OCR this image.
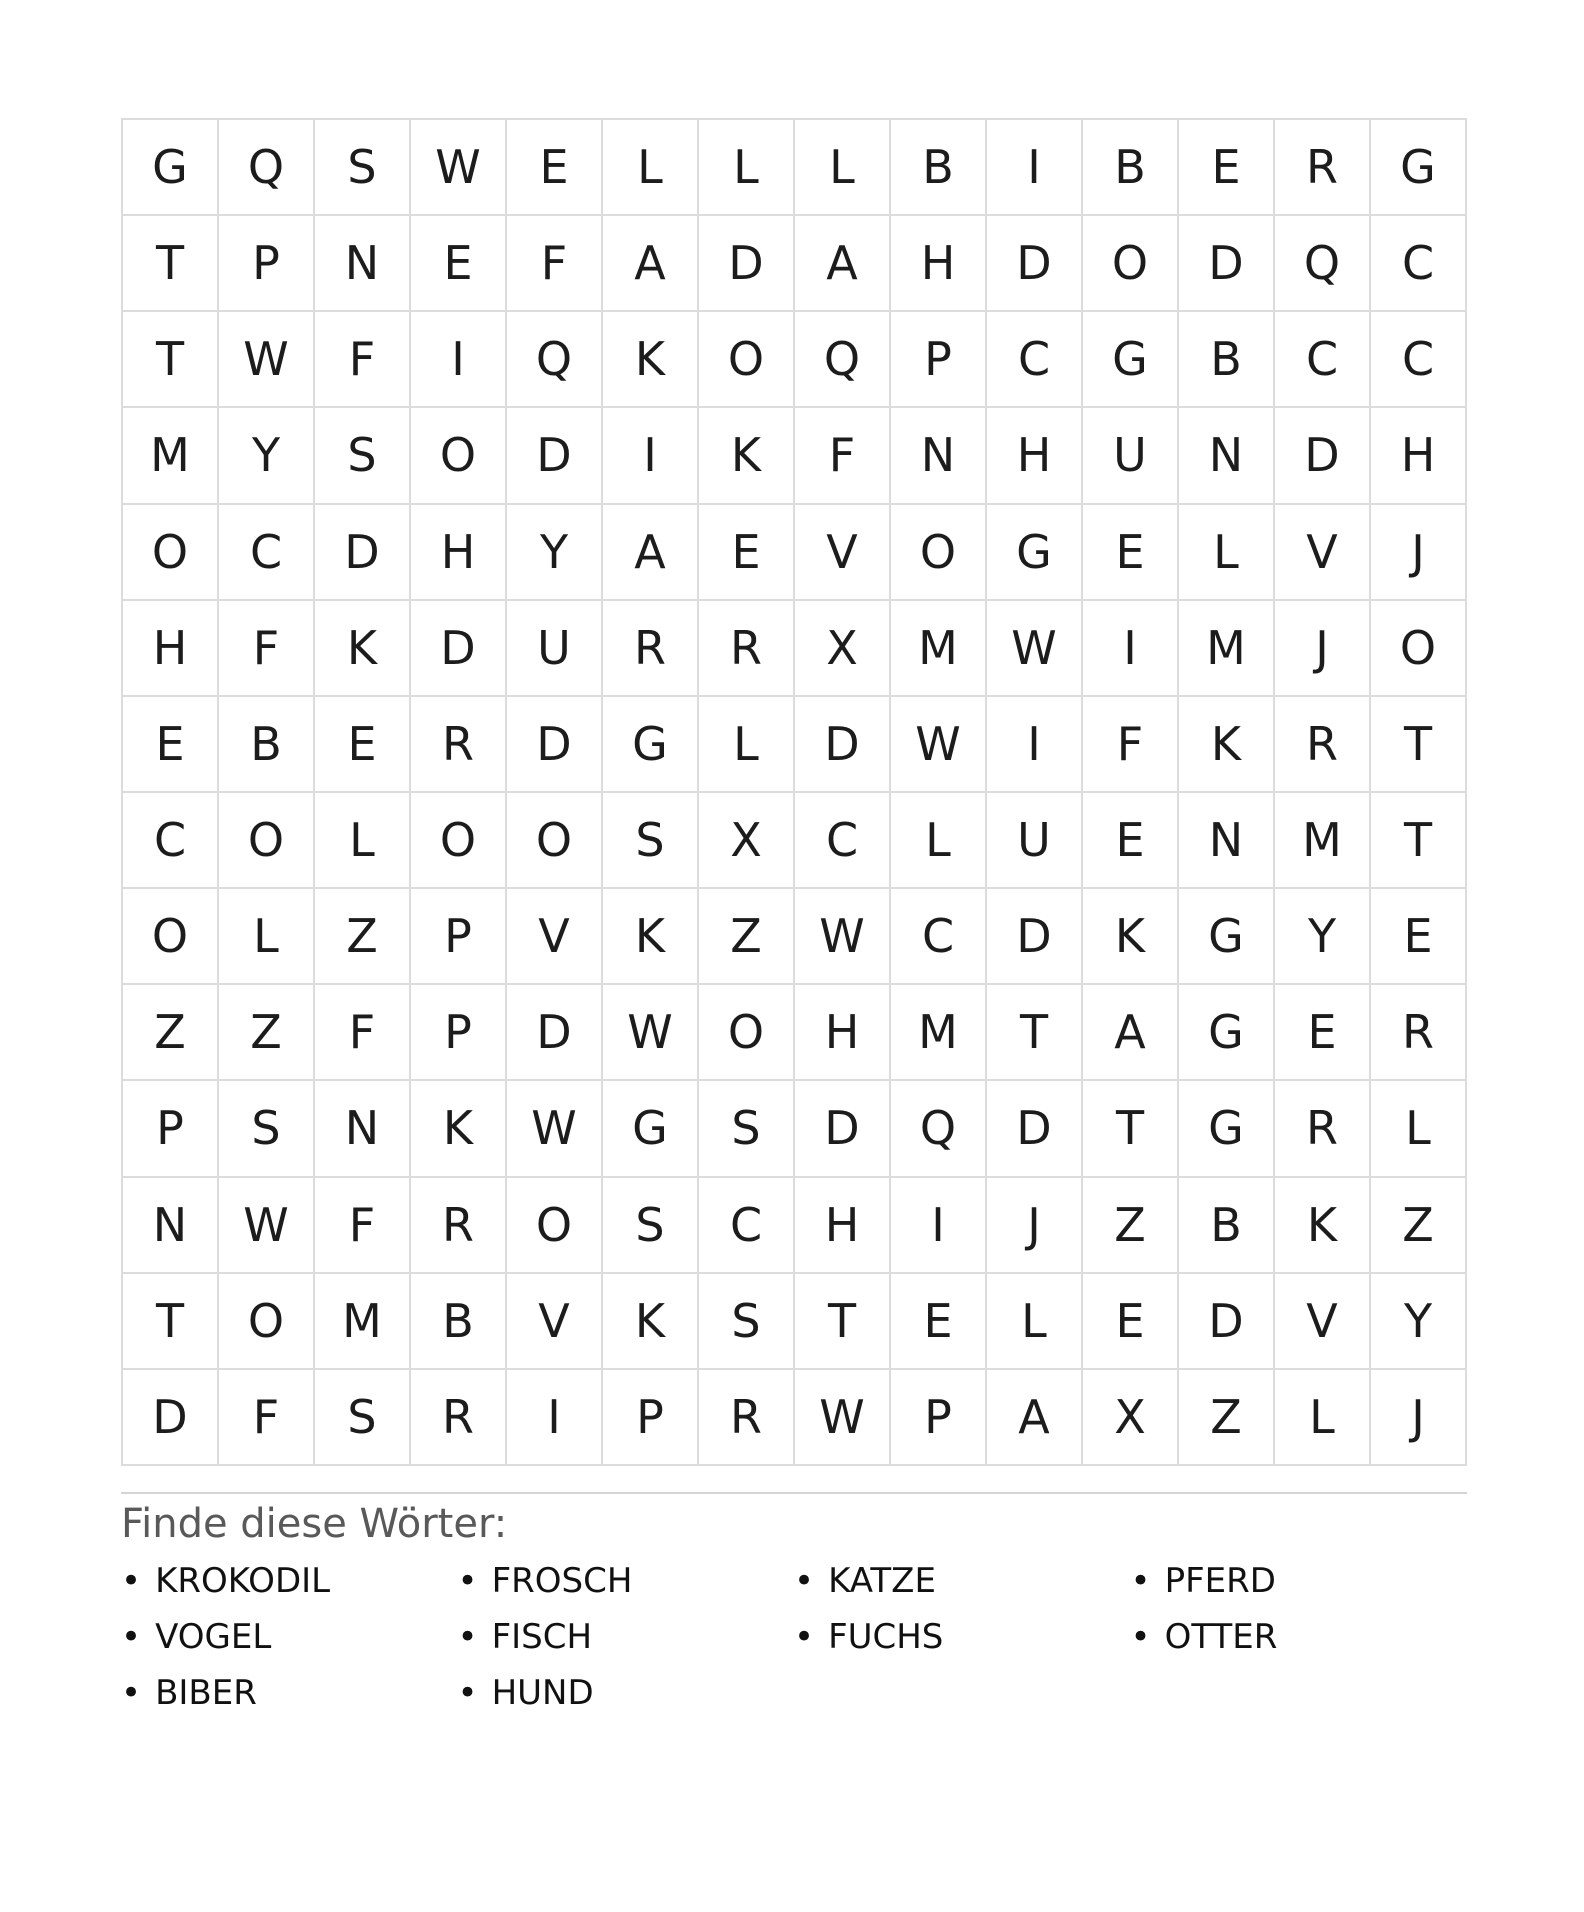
G	Q	S	W	E	L	L	L	B	I	B	E	R	G
T	P	N	E	F	A	D	A	H	D	O	D	Q	C
T	W	F	I	Q	K	O	Q	P	C	G	B	C	C
M	Y	S	O	D	I	K	F	N	H	U	N	D	H
O	C	D	H	Y	A	E	V	O	G	E	L	V	J
H	F	K	D	U	R	R	X	M	W	I	M	J	O
E	B	E	R	D	G	L	D	W	I	F	K	R	T
C	O	L	O	O	S	X	C	L	U	E	N	M	T
O	L	Z	P	V	K	Z	W	C	D	K	G	Y	E
Z	Z	F	P	D	W	O	H	M	T	A	G	E	R
P	S	N	K	W	G	S	D	Q	D	T	G	R	L
N	W	F	R	O	S	C	H	I	J	Z	B	K	Z
T	O	M	B	V	K	S	T	E	L	E	D	V	Y
D	F	S	R	I	P	R	W	P	A	X	Z	L	J
Finde diese Wörter:
• KROKODIL
• VOGEL
• BIBER
• FROSCH
• FISCH
• HUND
• KATZE
• FUCHS
• PFERD
• OTTER
